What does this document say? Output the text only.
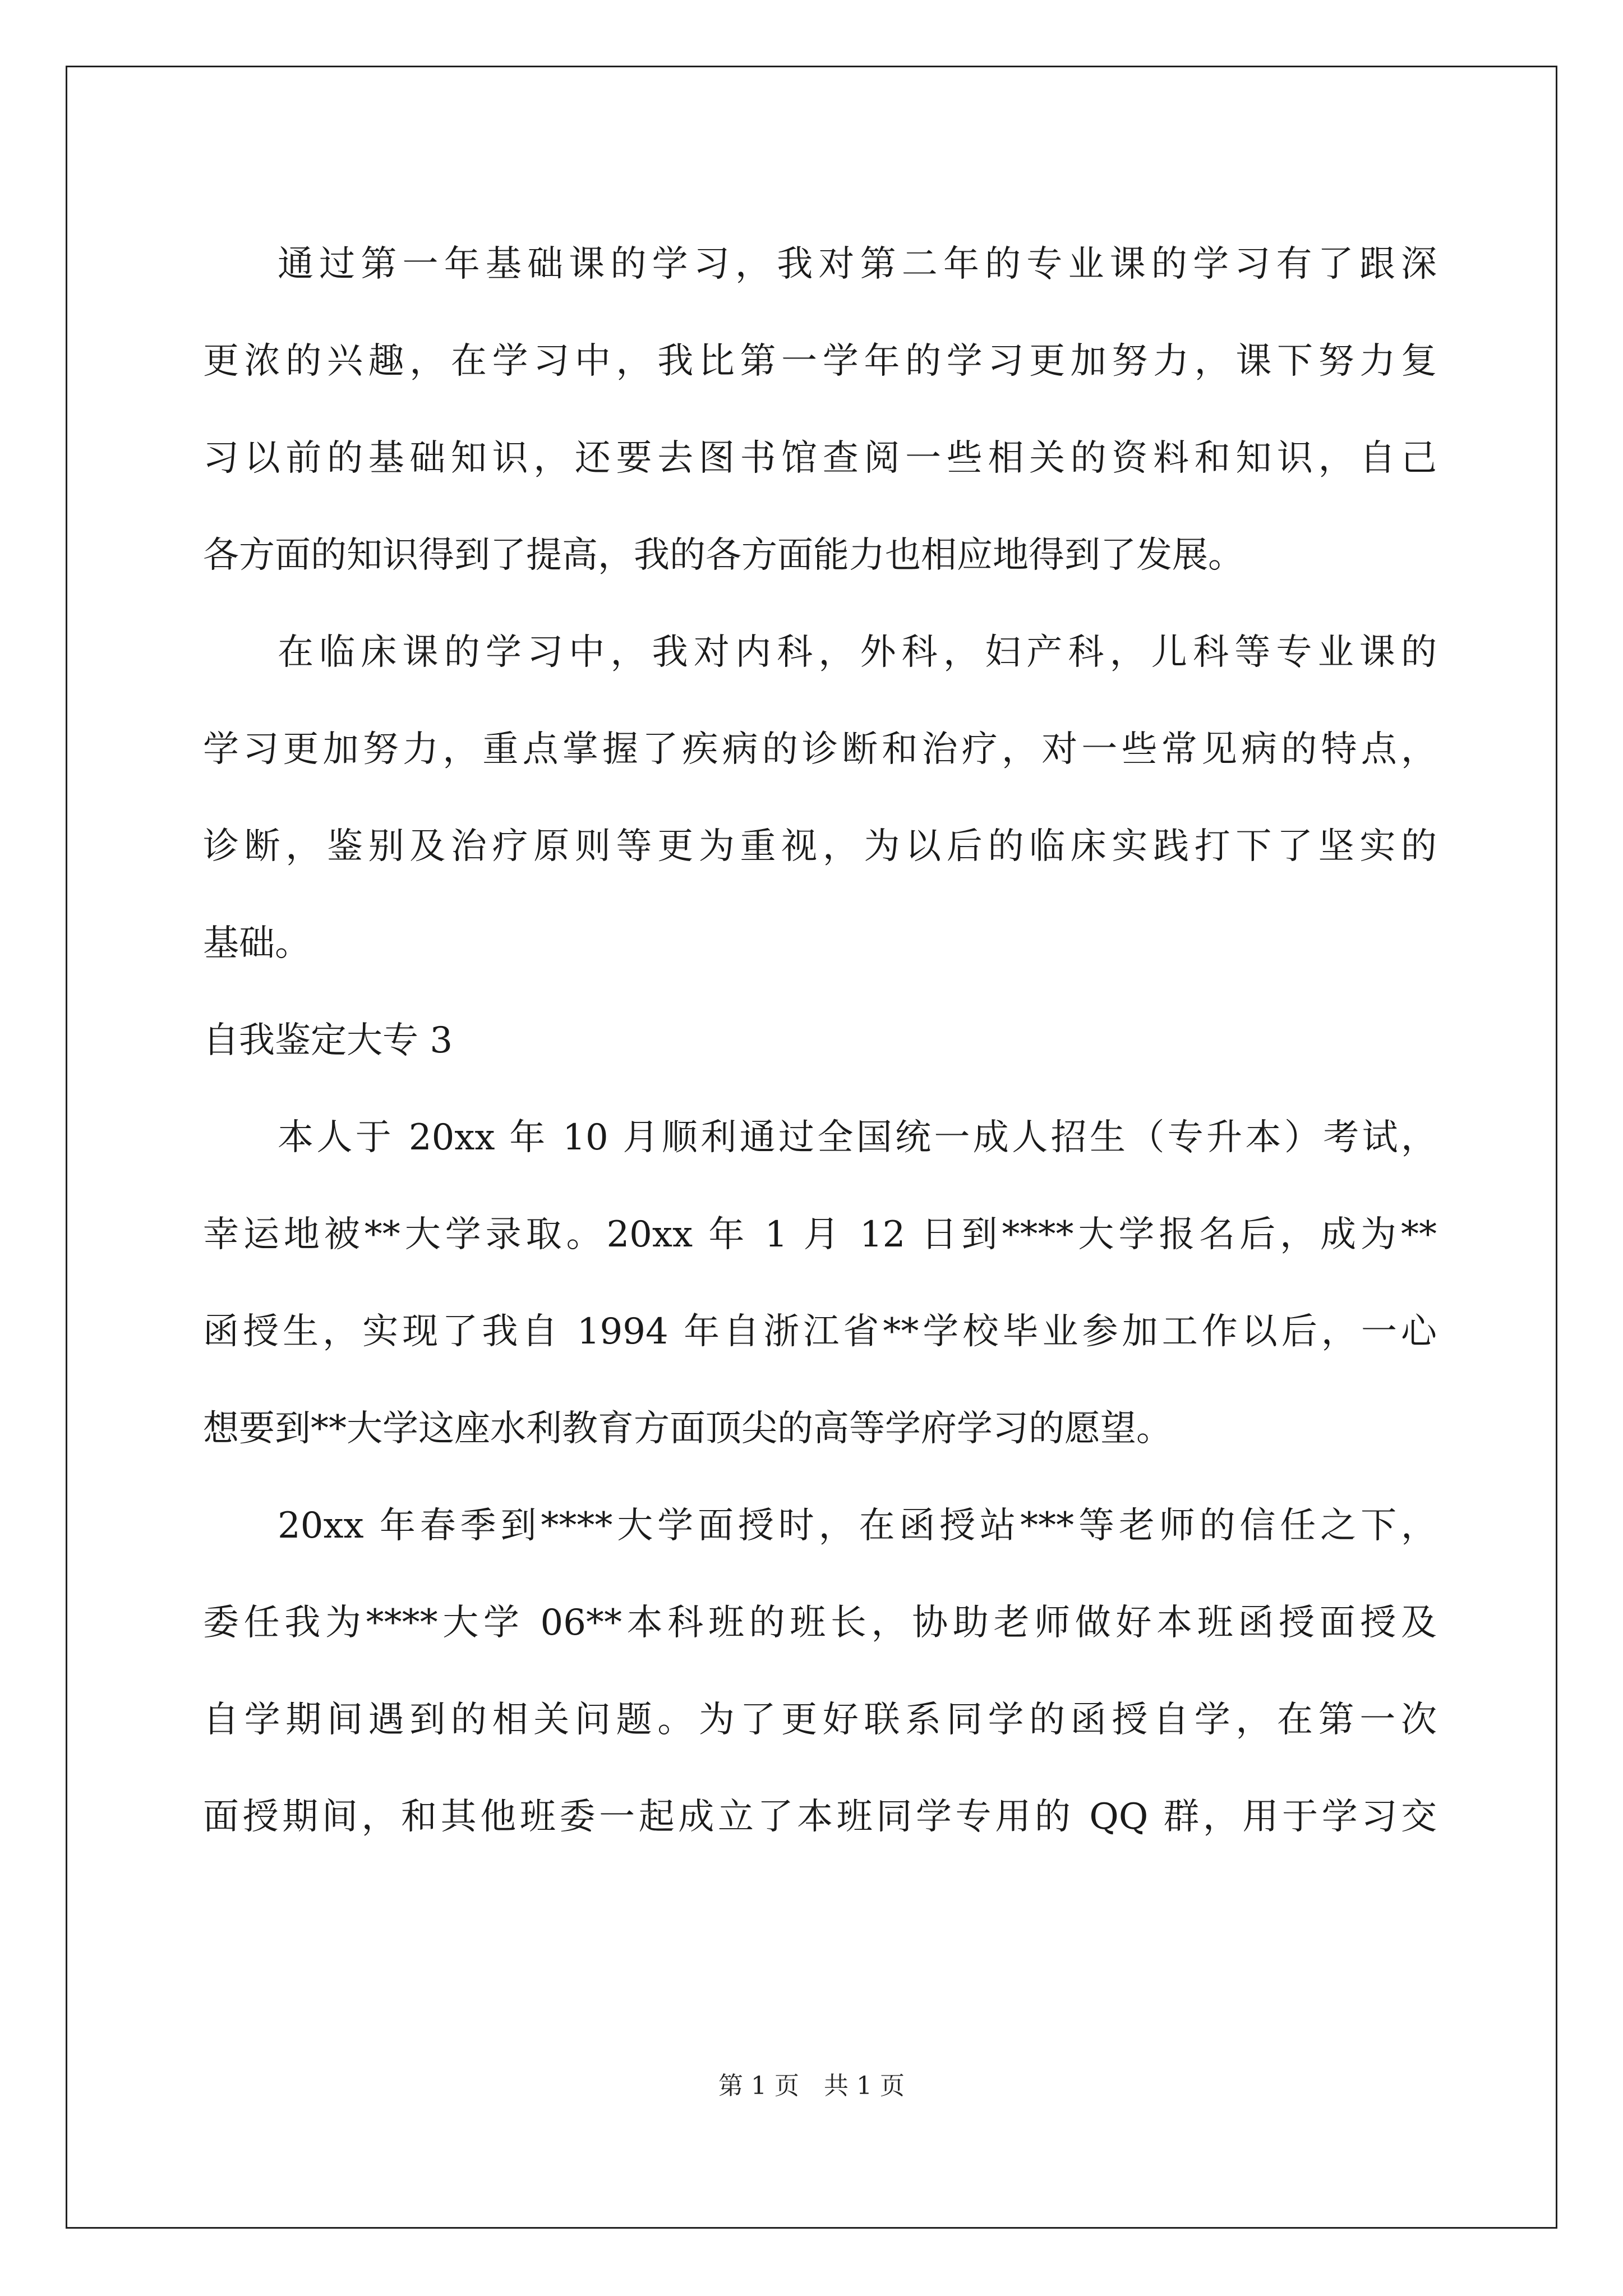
通过第一年基础课的学习，我对第二年的专业课的学习有了跟深
更浓的兴趣，在学习中，我比第一学年的学习更加努力，课下努力复
习以前的基础知识，还要去图书馆查阅一些相关的资料和知识，自己
各方面的知识得到了提高，我的各方面能力也相应地得到了发展。
在临床课的学习中，我对内科，外科，妇产科，儿科等专业课的
学习更加努力，重点掌握了疾病的诊断和治疗，对一些常见病的特点，
诊断，鉴别及治疗原则等更为重视，为以后的临床实践打下了坚实的
基础。
自我鉴定大专 3
本人于 20xx 年 10 月顺利通过全国统一成人招生（专升本）考试，
幸运地被**大学录取。20xx 年 1 月 12 日到****大学报名后，成为**
函授生，实现了我自 1994 年自浙江省**学校毕业参加工作以后，一心
想要到**大学这座水利教育方面顶尖的高等学府学习的愿望。
20xx 年春季到****大学面授时，在函授站***等老师的信任之下，
委任我为****大学 06**本科班的班长，协助老师做好本班函授面授及
自学期间遇到的相关问题。为了更好联系同学的函授自学，在第一次
面授期间，和其他班委一起成立了本班同学专用的 QQ 群，用于学习交
第 1 页 共 1 页
